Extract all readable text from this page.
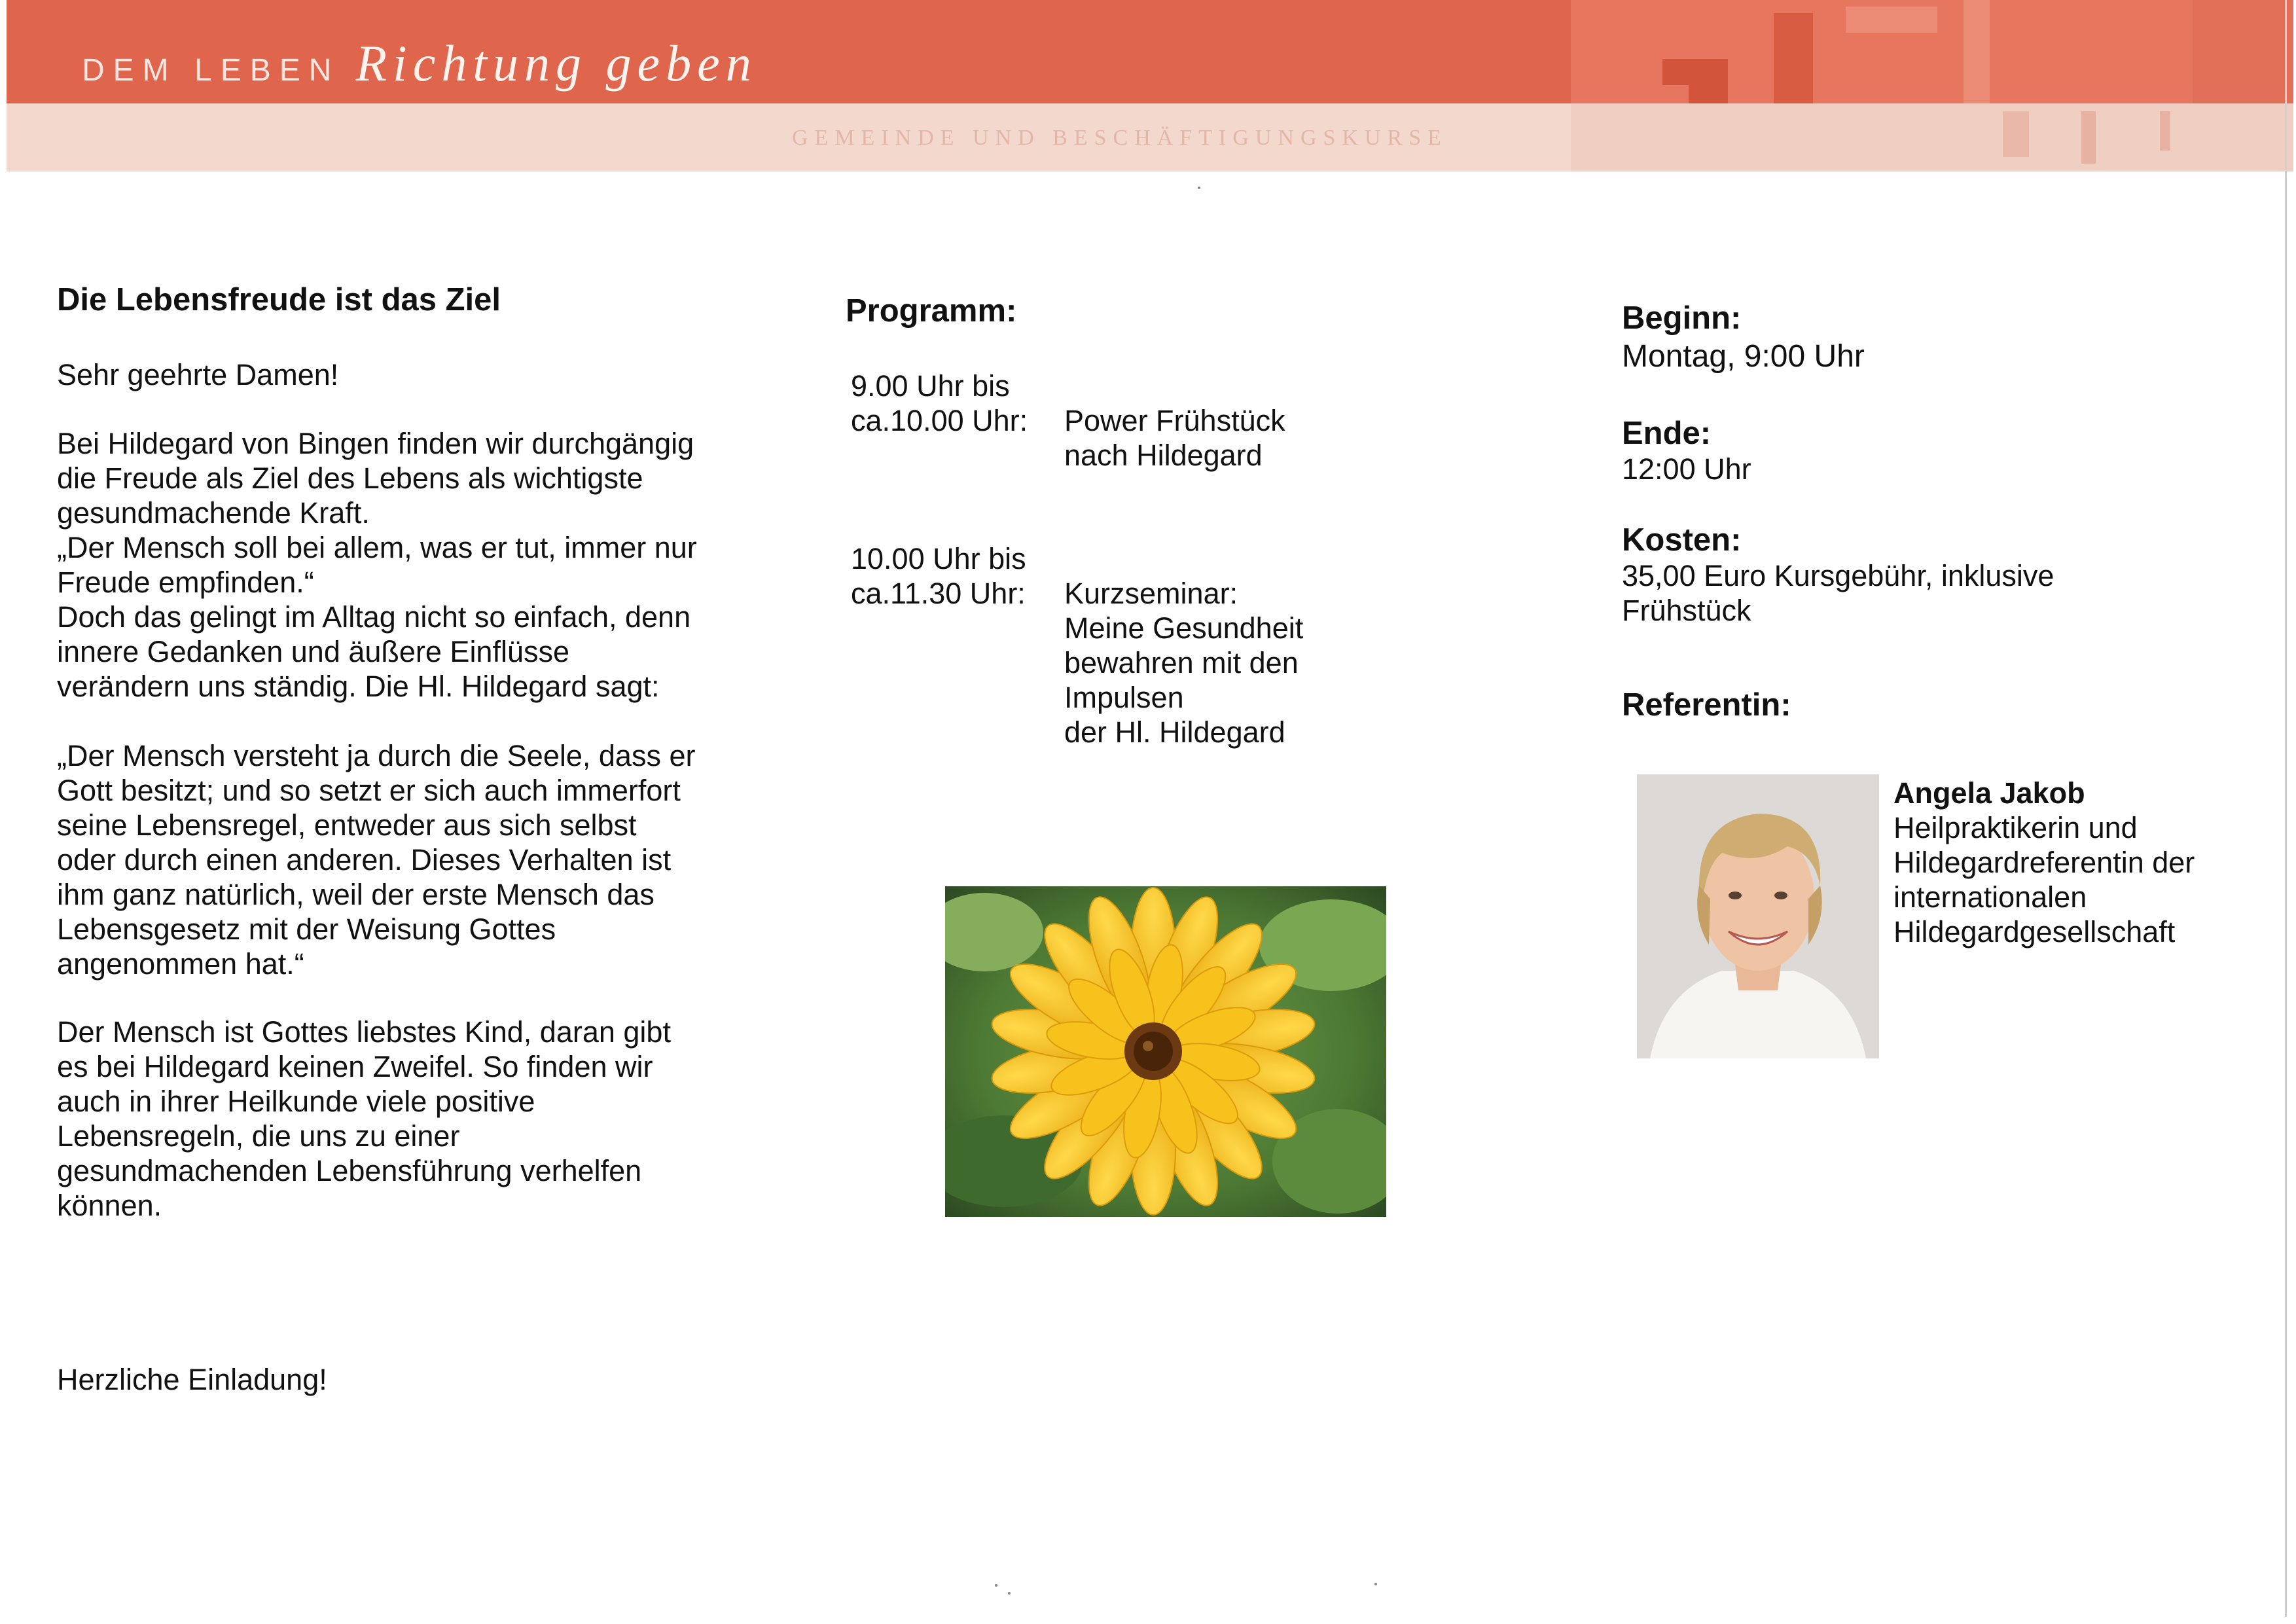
GEMEINDE UND BESCHÄFTIGUNGSKURSE
DEM LEBEN Richtung geben
Die Lebensfreude ist das Ziel
Sehr geehrte Damen!
Bei Hildegard von Bingen finden wir durchgängig
die Freude als Ziel des Lebens als wichtigste
gesundmachende Kraft.
„Der Mensch soll bei allem, was er tut, immer nur
Freude empfinden.“
Doch das gelingt im Alltag nicht so einfach, denn
innere Gedanken und äußere Einflüsse
verändern uns ständig. Die Hl. Hildegard sagt:
„Der Mensch versteht ja durch die Seele, dass er
Gott besitzt; und so setzt er sich auch immerfort
seine Lebensregel, entweder aus sich selbst
oder durch einen anderen. Dieses Verhalten ist
ihm ganz natürlich, weil der erste Mensch das
Lebensgesetz mit der Weisung Gottes
angenommen hat.“
Der Mensch ist Gottes liebstes Kind, daran gibt
es bei Hildegard keinen Zweifel. So finden wir
auch in ihrer Heilkunde viele positive
Lebensregeln, die uns zu einer
gesundmachenden Lebensführung verhelfen
können.
Herzliche Einladung!
Programm:
9.00 Uhr bis
ca.10.00 Uhr: Power Frühstück
nach Hildegard
10.00 Uhr bis
ca.11.30 Uhr: Kurzseminar:
Meine Gesundheit
bewahren mit den
Impulsen
der Hl. Hildegard
Beginn:
Montag, 9:00 Uhr
Ende:
12:00 Uhr
Kosten:
35,00 Euro Kursgebühr, inklusive
Frühstück
Referentin:
Angela Jakob
Heilpraktikerin und
Hildegardreferentin der
internationalen
Hildegardgesellschaft
